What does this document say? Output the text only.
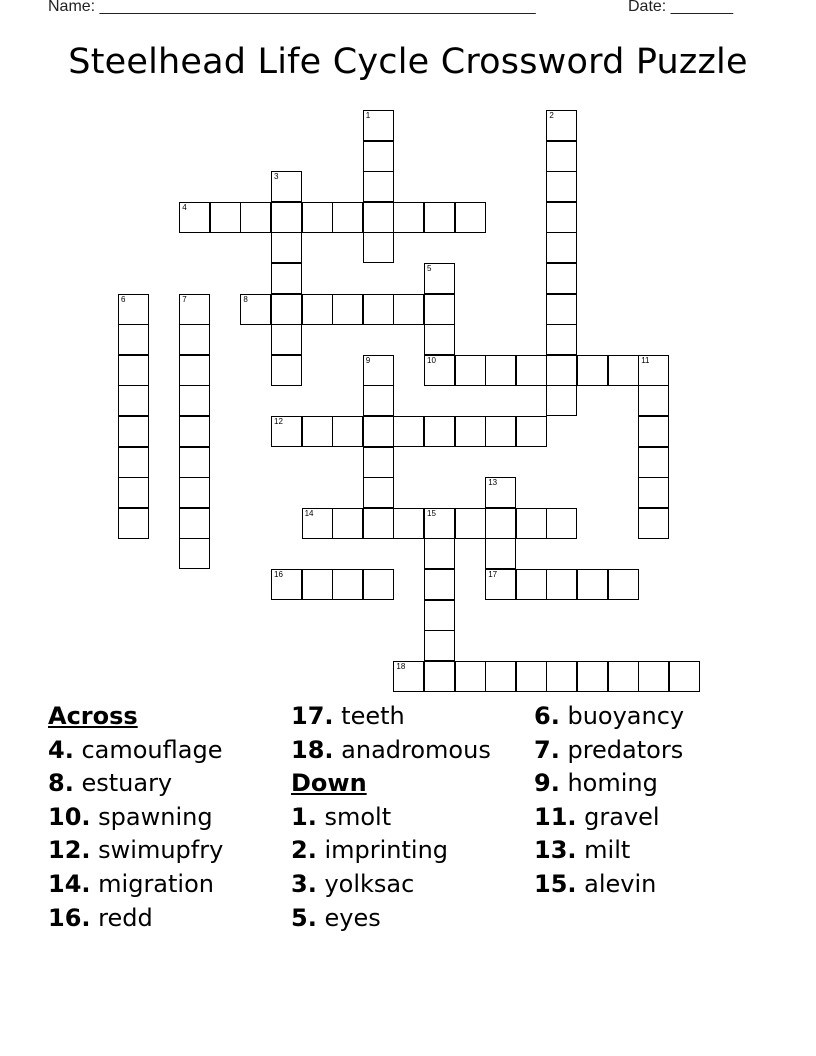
Name: _________________________________________________	Date: _______
Steelhead Life Cycle Crossword Puzzle
1	2
3
4
5
10
6	7	8
9	11
12
13
17
14	15
16
18
Across
4. camouflage
8. estuary
10. spawning
12. swimupfry
14. migration
16. redd
17. teeth
18. anadromous
Down
1. smolt
2. imprinting
3. yolksac
5. eyes
6. buoyancy
7. predators
9. homing
11. gravel
13. milt
15. alevin
